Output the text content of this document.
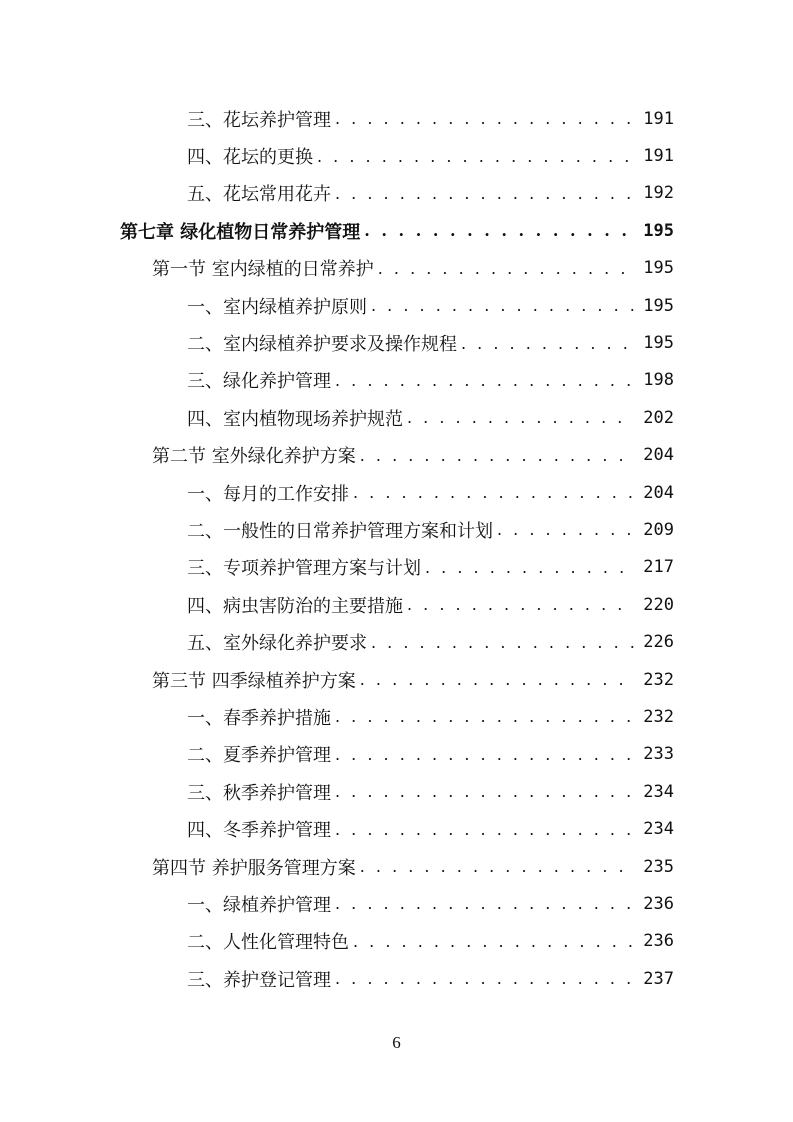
三、花坛养护管理 . . .	191
四、花坛的更换 . . .	191
五、花坛常用花卉 . . .	192
第七章 绿化植物日常养护管理 . . .	195
第一节 室内绿植的日常养护 . . .	195
一、室内绿植养护原则 . . .	195
二、室内绿植养护要求及操作规程 . . .	195
三、绿化养护管理 . . .	198
四、室内植物现场养护规范 . . .	202
第二节 室外绿化养护方案 . . .	204
一、每月的工作安排 . . .	204
二、一般性的日常养护管理方案和计划 . . .	209
三、专项养护管理方案与计划 . . .	217
四、病虫害防治的主要措施 . . .	220
五、室外绿化养护要求 . . .	226
第三节 四季绿植养护方案 . . .	232
一、春季养护措施 . . .	232
二、夏季养护管理 . . .	233
三、秋季养护管理 . . .	234
四、冬季养护管理 . . .	234
第四节 养护服务管理方案 . . .	235
一、绿植养护管理 . . .	236
二、人性化管理特色 . . .	236
三、养护登记管理 . . .	237
6
